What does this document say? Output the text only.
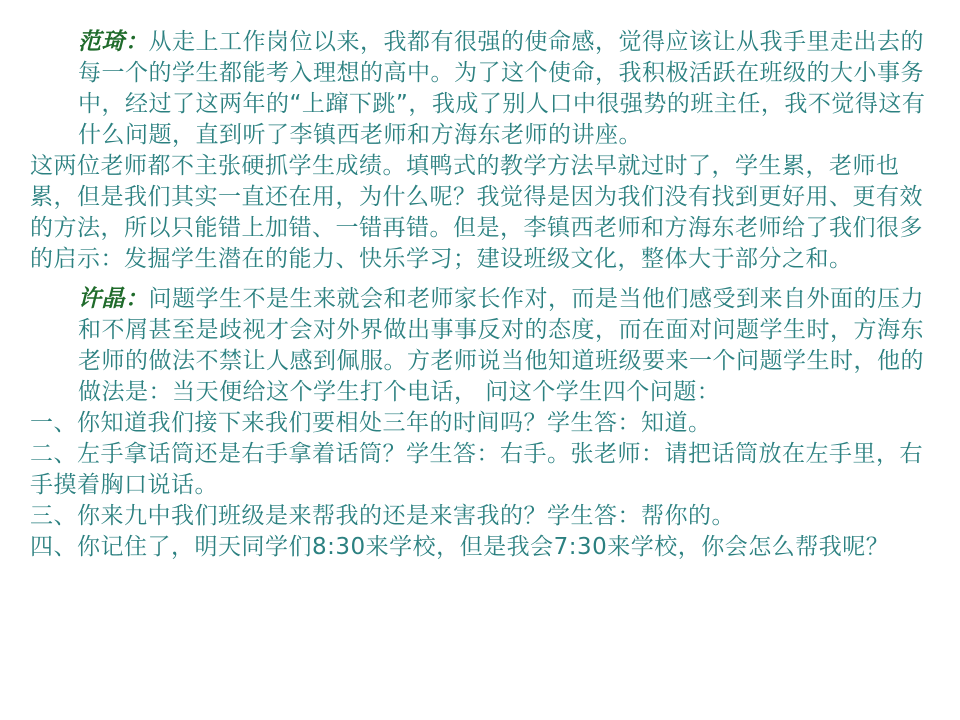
范琦：从走上工作岗位以来，我都有很强的使命感，觉得应该让从我手里走出去的每一个的学生都能考入理想的高中。为了这个使命，我积极活跃在班级的大小事务中，经过了这两年的“上蹿下跳”，我成了别人口中很强势的班主任，我不觉得这有什么问题，直到听了李镇西老师和方海东老师的讲座。

这两位老师都不主张硬抓学生成绩。填鸭式的教学方法早就过时了，学生累，老师也累，但是我们其实一直还在用，为什么呢？我觉得是因为我们没有找到更好用、更有效的方法，所以只能错上加错、一错再错。但是，李镇西老师和方海东老师给了我们很多的启示：发掘学生潜在的能力、快乐学习；建设班级文化，整体大于部分之和。

许晶：问题学生不是生来就会和老师家长作对，而是当他们感受到来自外面的压力和不屑甚至是歧视才会对外界做出事事反对的态度，而在面对问题学生时，方海东老师的做法不禁让人感到佩服。方老师说当他知道班级要来一个问题学生时，他的做法是：当天便给这个学生打个电话， 问这个学生四个问题：

一、你知道我们接下来我们要相处三年的时间吗？学生答：知道。

二、左手拿话筒还是右手拿着话筒？学生答：右手。张老师：请把话筒放在左手里，右手摸着胸口说话。

三、你来九中我们班级是来帮我的还是来害我的？学生答：帮你的。

四、你记住了，明天同学们8:30来学校，但是我会7:30来学校，你会怎么帮我呢？
